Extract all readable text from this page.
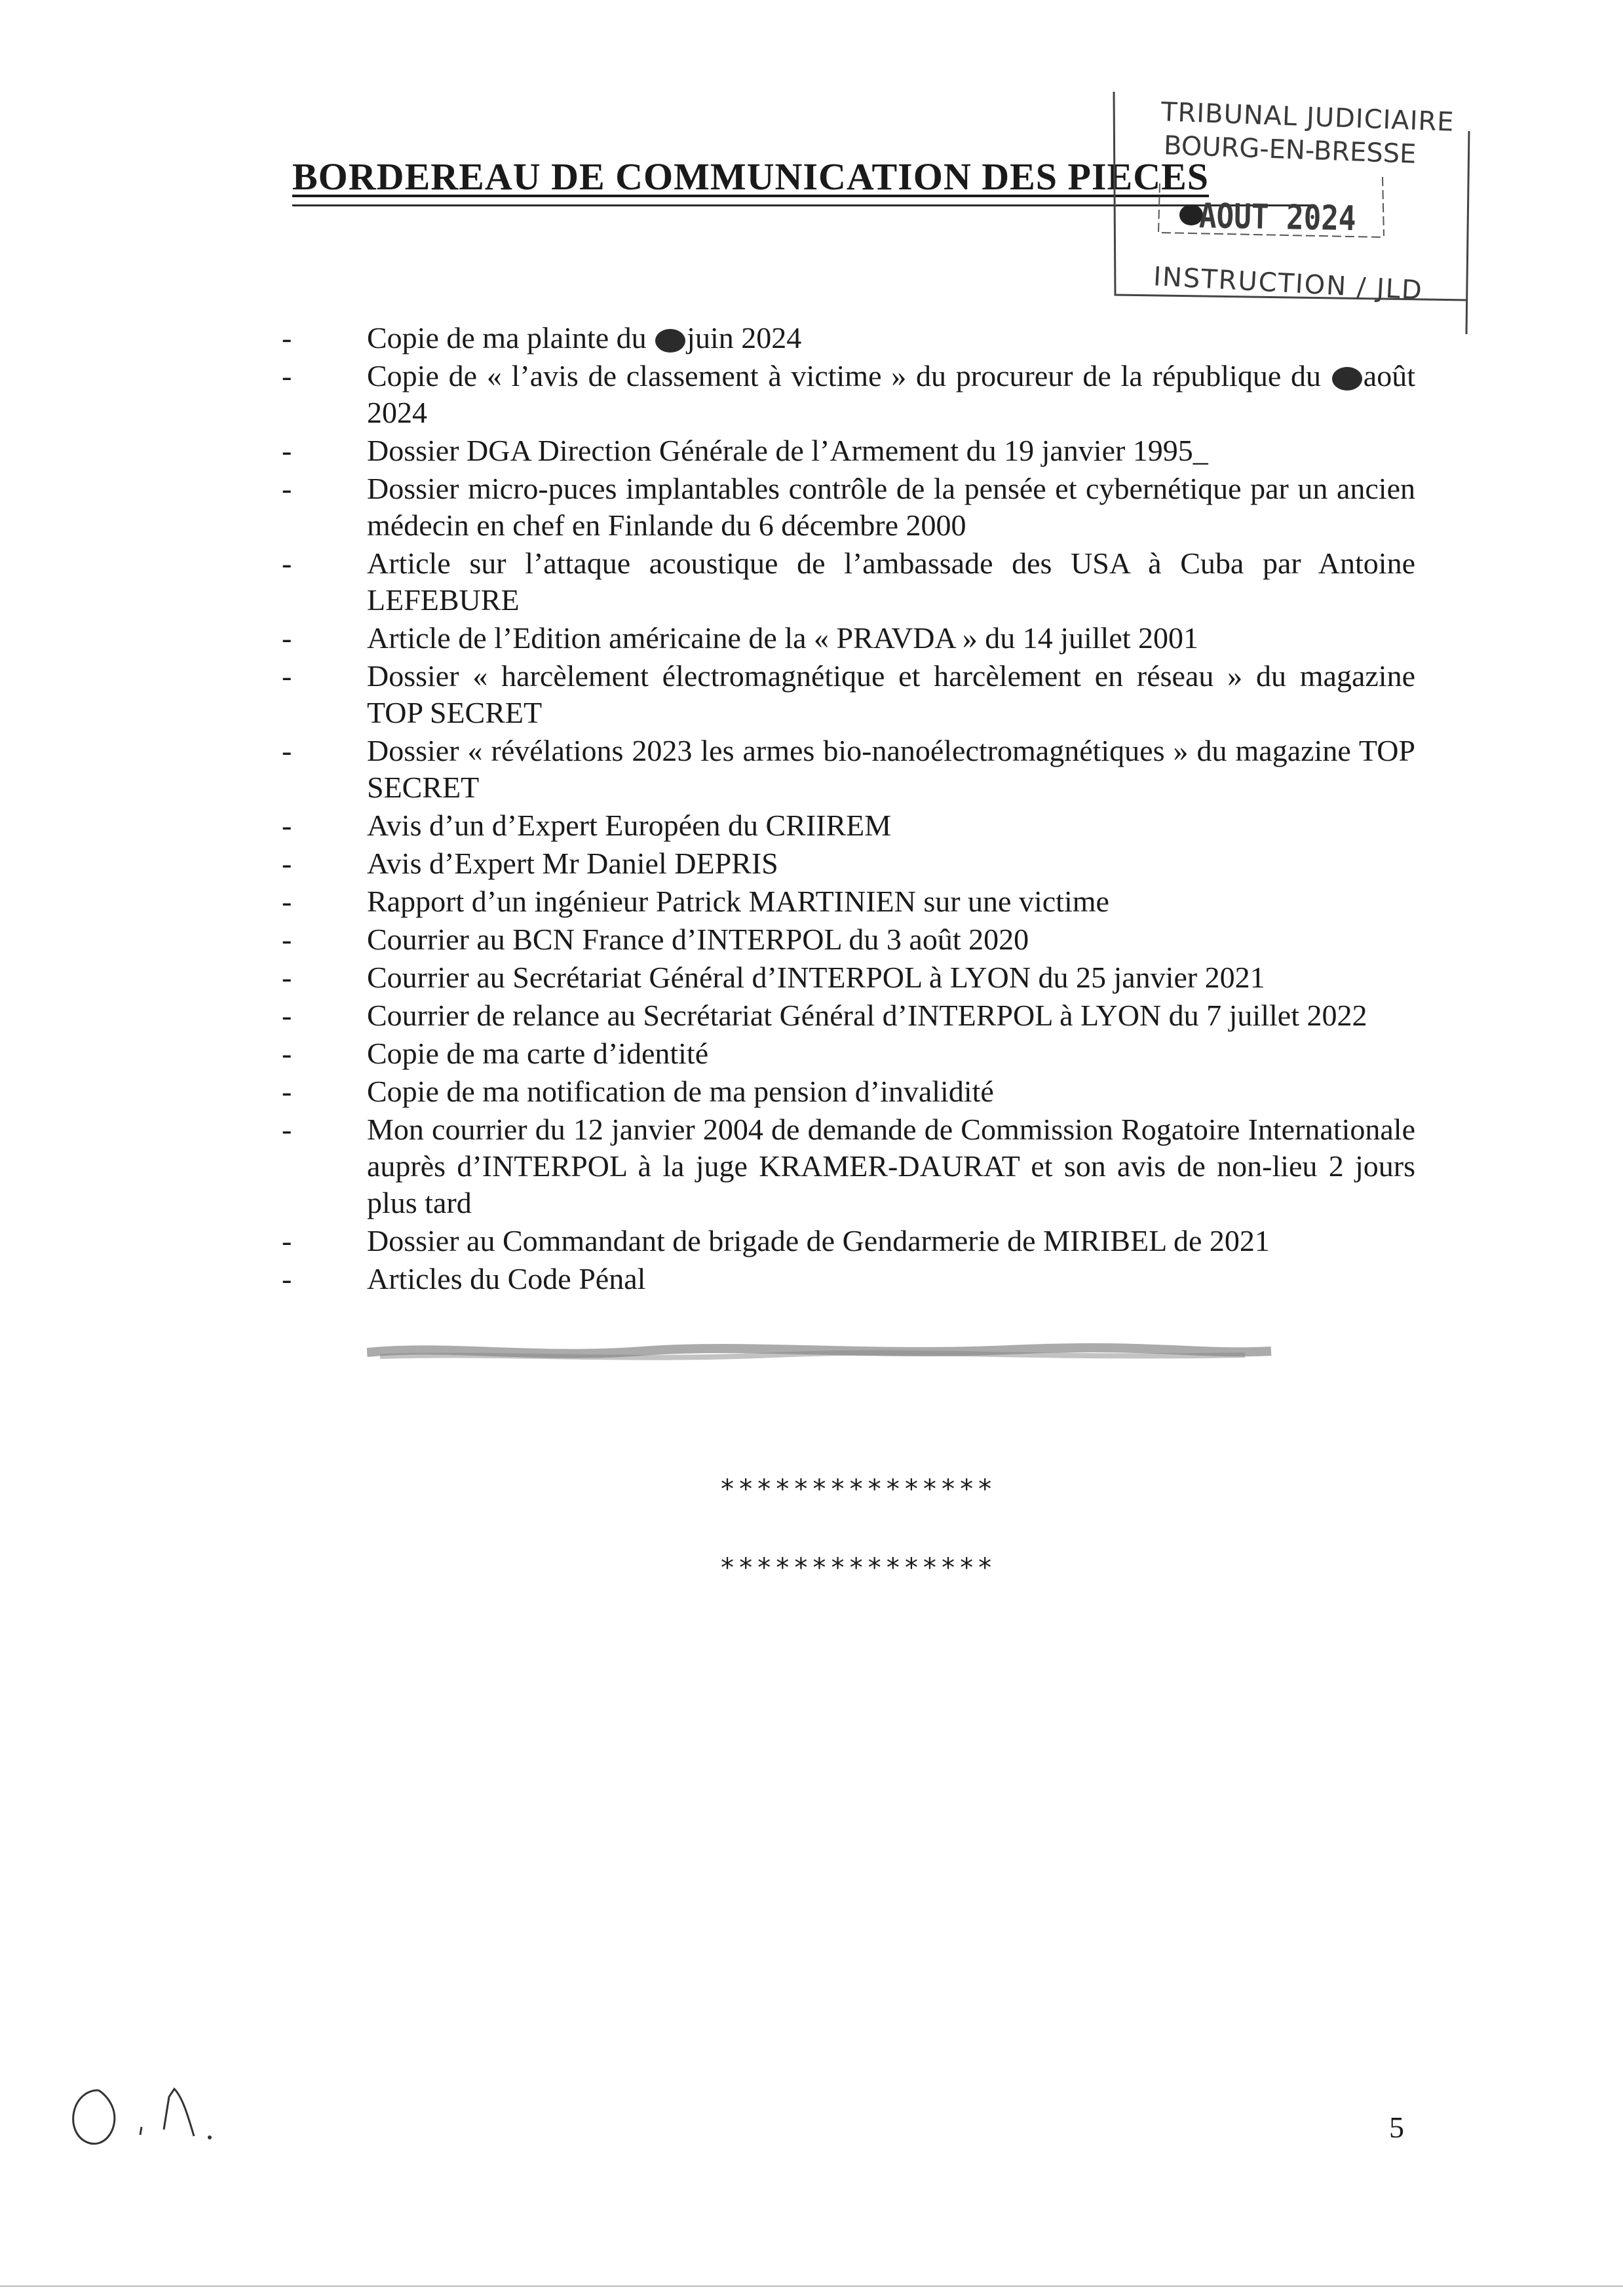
BORDEREAU DE COMMUNICATION DES PIECES
TRIBUNAL JUDICIAIRE
BOURG-EN-BRESSE
AOUT 2024
INSTRUCTION / JLD
- Copie de ma plainte du juin 2024
- Copie de « l’avis de classement à victime » du procureur de la république du août 2024
- Dossier DGA Direction Générale de l’Armement du 19 janvier 1995_
- Dossier micro-puces implantables contrôle de la pensée et cybernétique par un ancien médecin en chef en Finlande du 6 décembre 2000
- Article sur l’attaque acoustique de l’ambassade des USA à Cuba par Antoine LEFEBURE
- Article de l’Edition américaine de la « PRAVDA » du 14 juillet 2001
- Dossier « harcèlement électromagnétique et harcèlement en réseau » du magazine TOP SECRET
- Dossier « révélations 2023 les armes bio-nanoélectromagnétiques » du magazine TOP SECRET
- Avis d’un d’Expert Européen du CRIIREM
- Avis d’Expert Mr Daniel DEPRIS
- Rapport d’un ingénieur Patrick MARTINIEN sur une victime
- Courrier au BCN France d’INTERPOL du 3 août 2020
- Courrier au Secrétariat Général d’INTERPOL à LYON du 25 janvier 2021
- Courrier de relance au Secrétariat Général d’INTERPOL à LYON du 7 juillet 2022
- Copie de ma carte d’identité
- Copie de ma notification de ma pension d’invalidité
- Mon courrier du 12 janvier 2004 de demande de Commission Rogatoire Internationale auprès d’INTERPOL à la juge KRAMER-DAURAT et son avis de non-lieu 2 jours plus tard
- Dossier au Commandant de brigade de Gendarmerie de MIRIBEL de 2021
- Articles du Code Pénal
***************
***************
5
